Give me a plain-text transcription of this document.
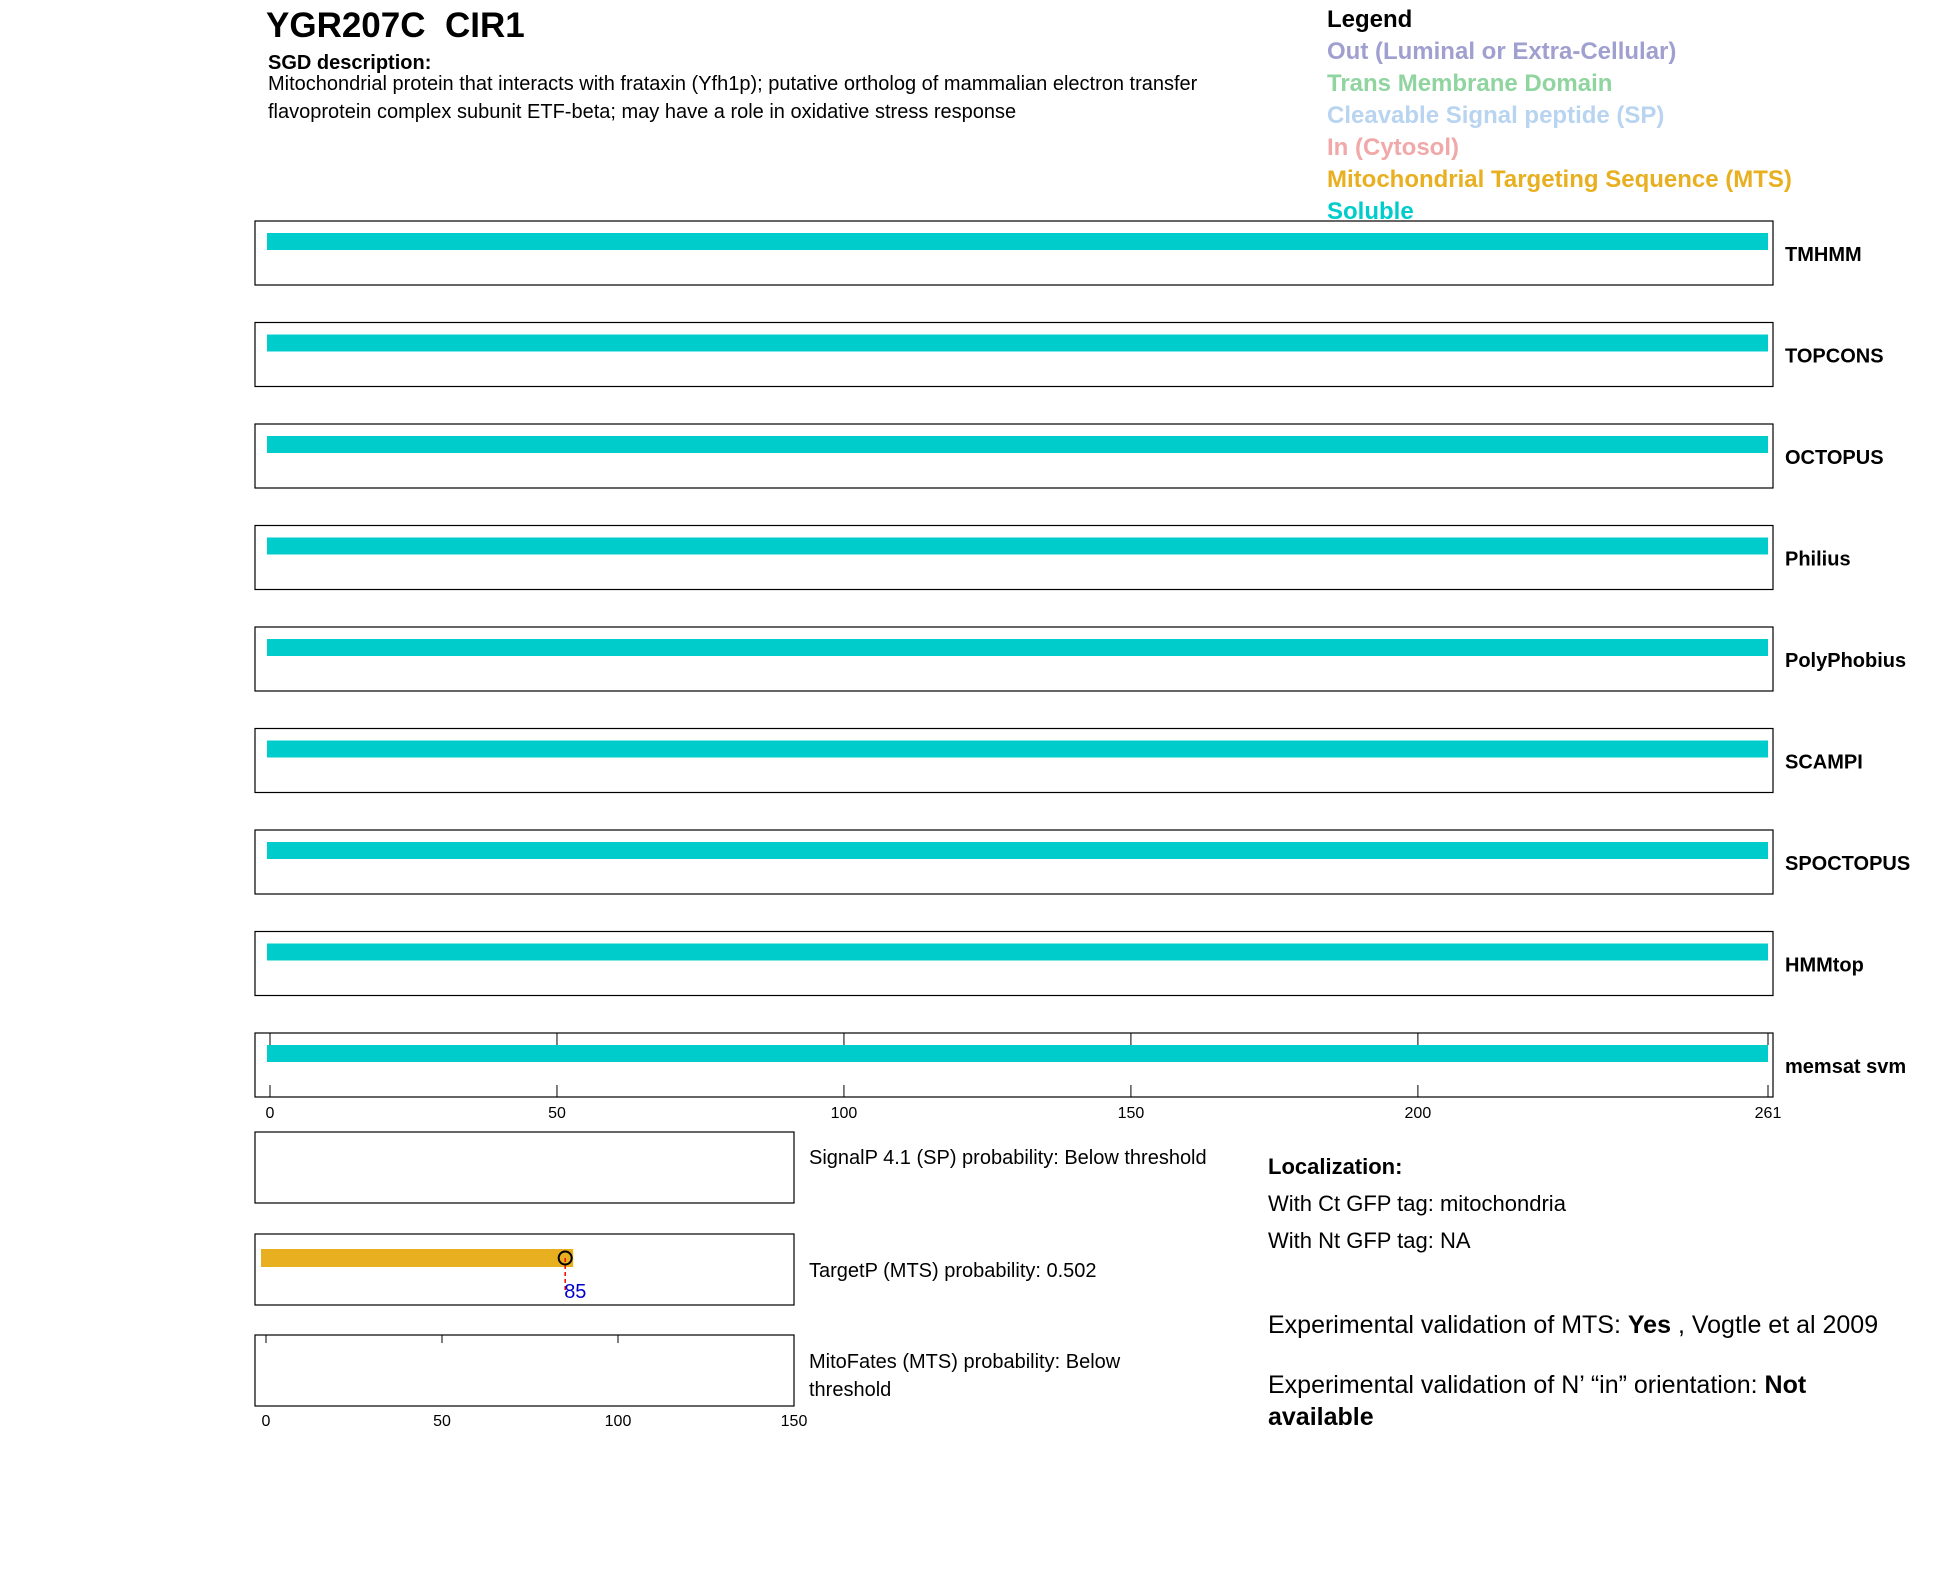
YGR207C CIR1
SGD description:
Mitochondrial protein that interacts with frataxin (Yfh1p); putative ortholog of mammalian electron transfer flavoprotein complex subunit ETF-beta; may have a role in oxidative stress response
Legend
Out (Luminal or Extra-Cellular)
Trans Membrane Domain
Cleavable Signal peptide (SP)
In (Cytosol)
Mitochondrial Targeting Sequence (MTS)
Soluble
TMHMM
TOPCONS
OCTOPUS
Philius
PolyPhobius
SCAMPI
SPOCTOPUS
HMMtop
memsat svm
0	50	100	150	200	261
SignalP 4.1 (SP) probability: Below threshold
85
TargetP (MTS) probability: 0.502
MitoFates (MTS) probability: Below
threshold
0	50	100	150
Localization:
With Ct GFP tag: mitochondria
With Nt GFP tag: NA
Experimental validation of MTS: Yes , Vogtle et al 2009
Experimental validation of N’ “in” orientation: Not available
